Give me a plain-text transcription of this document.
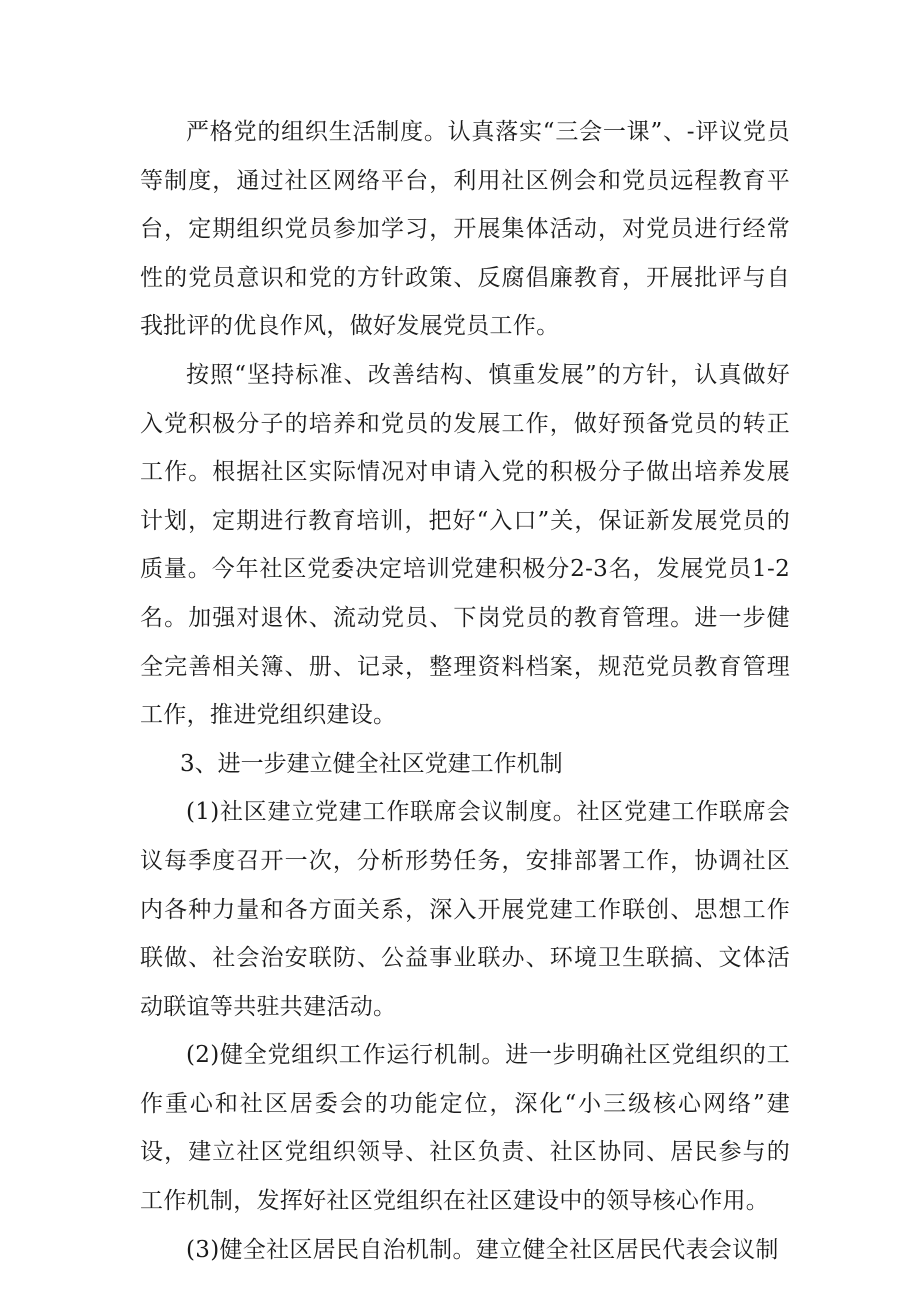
严格党的组织生活制度。认真落实“三会一课”、-评议党员等制度，通过社区网络平台，利用社区例会和党员远程教育平台，定期组织党员参加学习，开展集体活动，对党员进行经常性的党员意识和党的方针政策、反腐倡廉教育，开展批评与自我批评的优良作风，做好发展党员工作。

按照“坚持标准、改善结构、慎重发展”的方针，认真做好入党积极分子的培养和党员的发展工作，做好预备党员的转正工作。根据社区实际情况对申请入党的积极分子做出培养发展计划，定期进行教育培训，把好“入口”关，保证新发展党员的质量。今年社区党委决定培训党建积极分2-3名，发展党员1-2名。加强对退休、流动党员、下岗党员的教育管理。进一步健全完善相关簿、册、记录，整理资料档案，规范党员教育管理工作，推进党组织建设。

3、进一步建立健全社区党建工作机制

(1)社区建立党建工作联席会议制度。社区党建工作联席会议每季度召开一次，分析形势任务，安排部署工作，协调社区内各种力量和各方面关系，深入开展党建工作联创、思想工作联做、社会治安联防、公益事业联办、环境卫生联搞、文体活动联谊等共驻共建活动。

(2)健全党组织工作运行机制。进一步明确社区党组织的工作重心和社区居委会的功能定位，深化“小三级核心网络”建设，建立社区党组织领导、社区负责、社区协同、居民参与的工作机制，发挥好社区党组织在社区建设中的领导核心作用。

(3)健全社区居民自治机制。建立健全社区居民代表会议制
